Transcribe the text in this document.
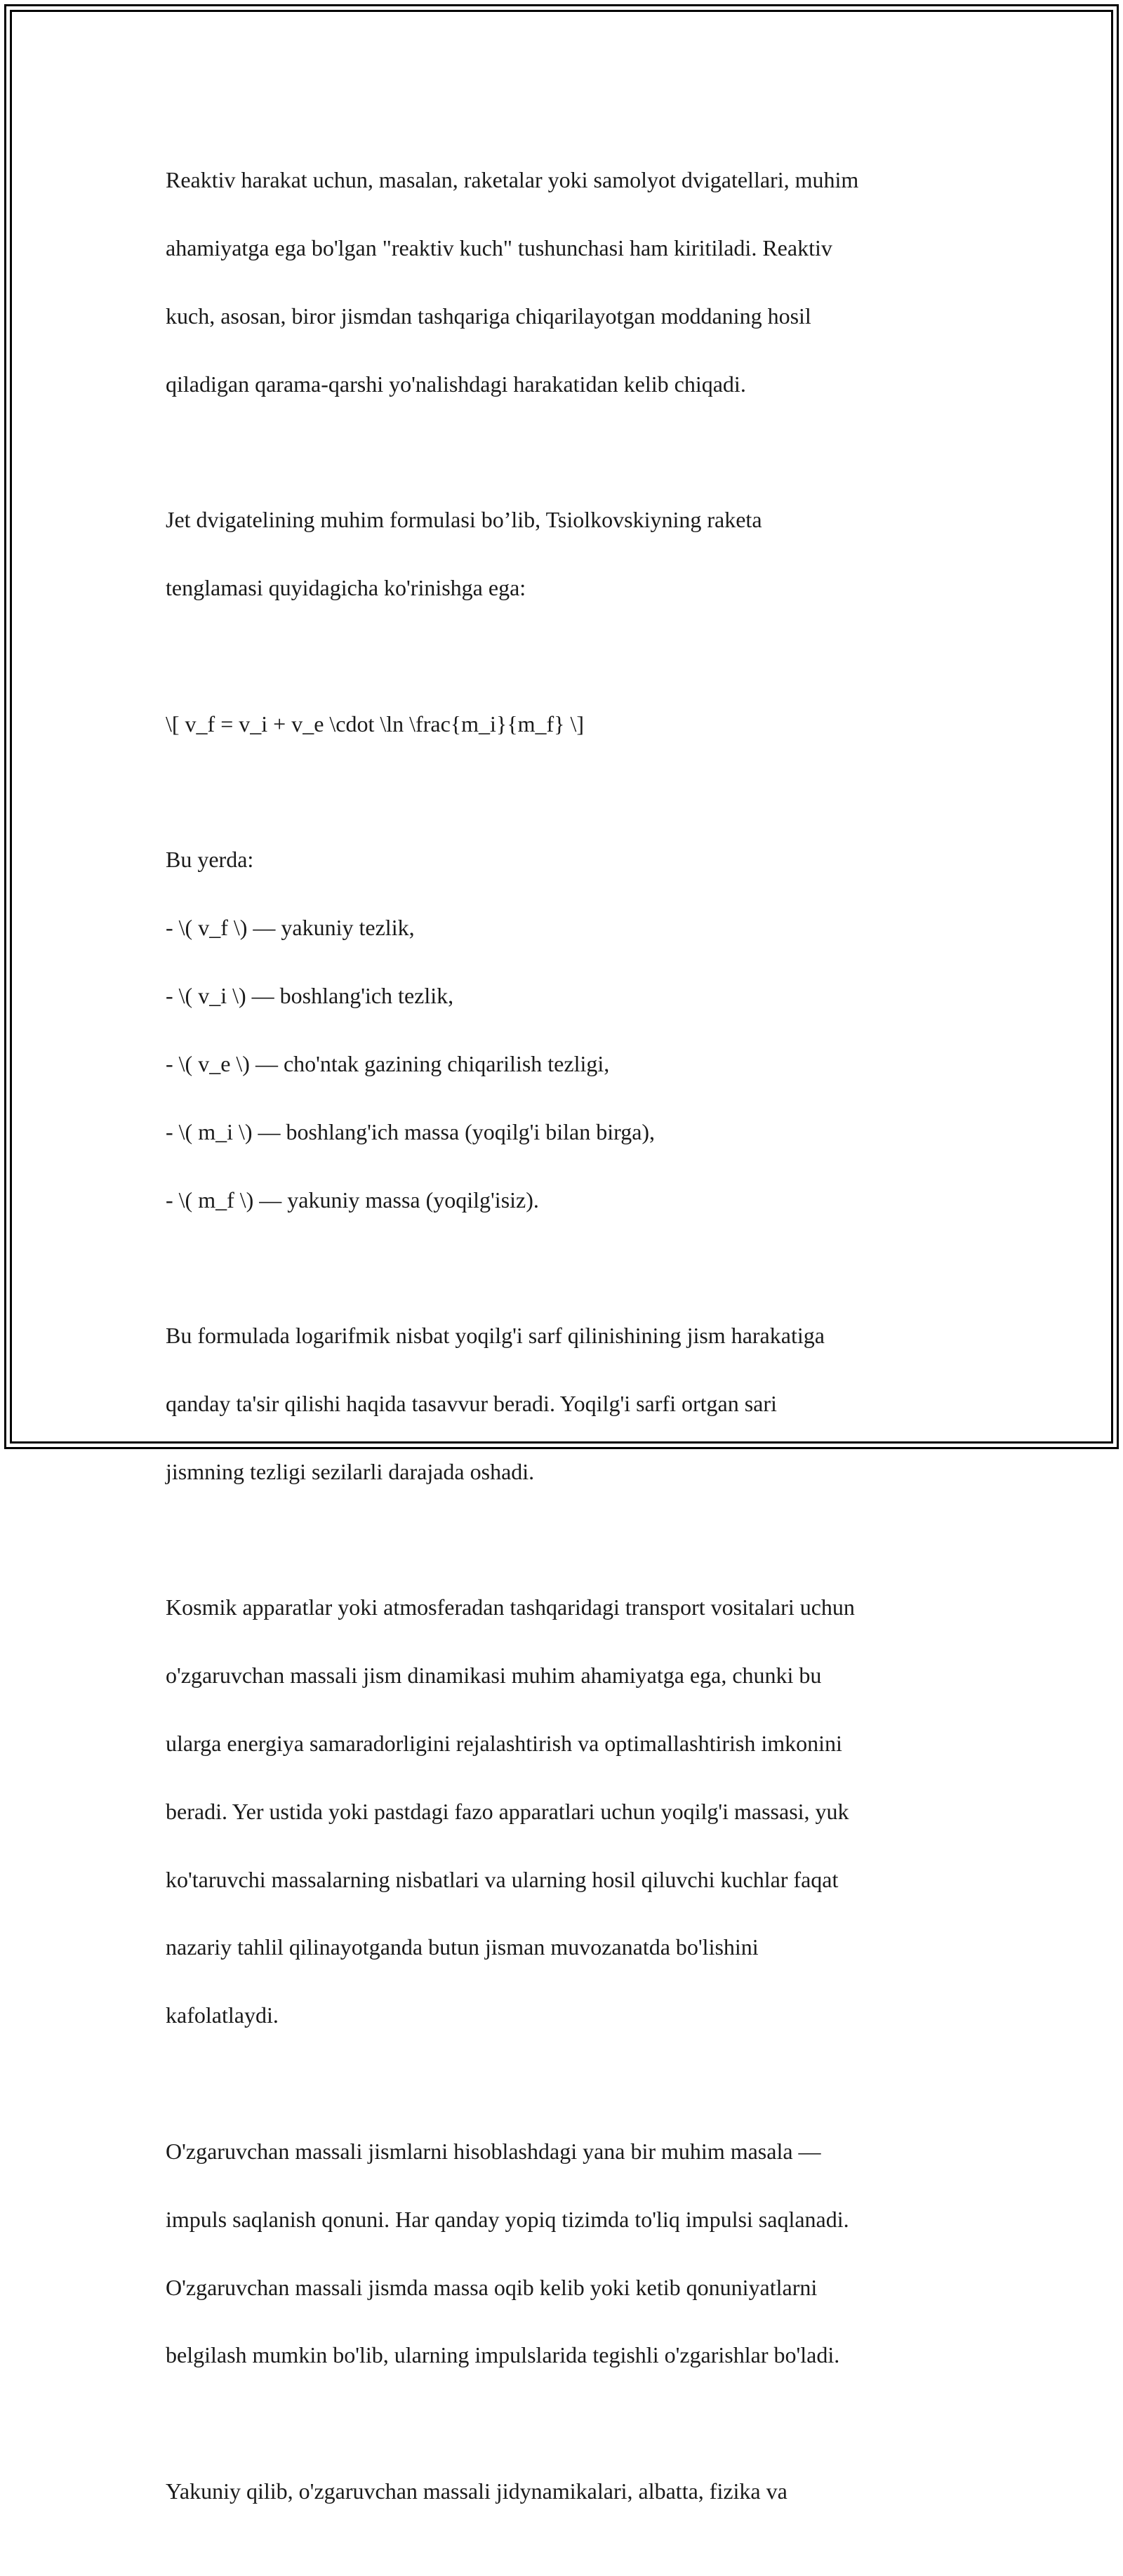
Reaktiv harakat uchun, masalan, raketalar yoki samolyot dvigatellari, muhim

ahamiyatga ega bo'lgan "reaktiv kuch" tushunchasi ham kiritiladi. Reaktiv

kuch, asosan, biror jismdan tashqariga chiqarilayotgan moddaning hosil

qiladigan qarama-qarshi yo'nalishdagi harakatidan kelib chiqadi.

Jet dvigatelining muhim formulasi bo’lib, Tsiolkovskiyning raketa

tenglamasi quyidagicha ko'rinishga ega:

\[ v_f = v_i + v_e \cdot \ln \frac{m_i}{m_f} \]

Bu yerda:

- \( v_f \) — yakuniy tezlik,

- \( v_i \) — boshlang'ich tezlik,

- \( v_e \) — cho'ntak gazining chiqarilish tezligi,

- \( m_i \) — boshlang'ich massa (yoqilg'i bilan birga),

- \( m_f \) — yakuniy massa (yoqilg'isiz).

Bu formulada logarifmik nisbat yoqilg'i sarf qilinishining jism harakatiga

qanday ta'sir qilishi haqida tasavvur beradi. Yoqilg'i sarfi ortgan sari

jismning tezligi sezilarli darajada oshadi.

Kosmik apparatlar yoki atmosferadan tashqaridagi transport vositalari uchun

o'zgaruvchan massali jism dinamikasi muhim ahamiyatga ega, chunki bu

ularga energiya samaradorligini rejalashtirish va optimallashtirish imkonini

beradi. Yer ustida yoki pastdagi fazo apparatlari uchun yoqilg'i massasi, yuk

ko'taruvchi massalarning nisbatlari va ularning hosil qiluvchi kuchlar faqat

nazariy tahlil qilinayotganda butun jisman muvozanatda bo'lishini

kafolatlaydi.

O'zgaruvchan massali jismlarni hisoblashdagi yana bir muhim masala —

impuls saqlanish qonuni. Har qanday yopiq tizimda to'liq impulsi saqlanadi.

O'zgaruvchan massali jismda massa oqib kelib yoki ketib qonuniyatlarni

belgilash mumkin bo'lib, ularning impulslarida tegishli o'zgarishlar bo'ladi.

Yakuniy qilib, o'zgaruvchan massali jidynamikalari, albatta, fizika va
